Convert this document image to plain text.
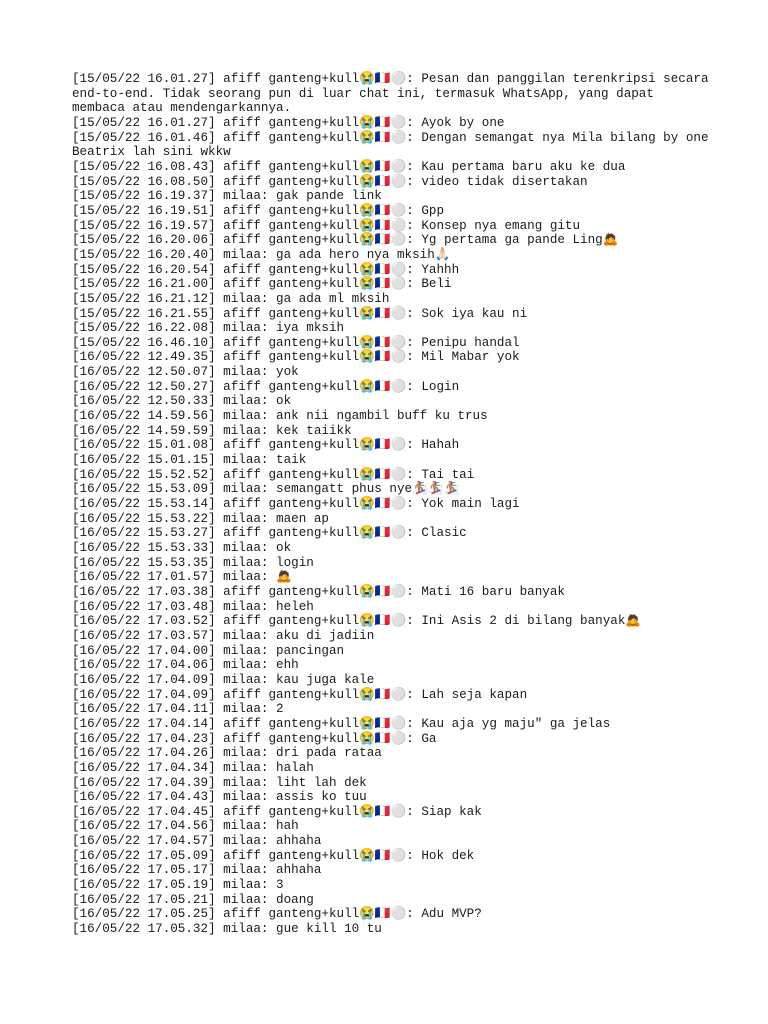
[15/05/22 16.01.27] afiff ganteng+kull😭🇫🇷⚪: Pesan dan panggilan terenkripsi secara end-to-end. Tidak seorang pun di luar chat ini, termasuk WhatsApp, yang dapat membaca atau mendengarkannya.

[15/05/22 16.01.27] afiff ganteng+kull😭🇫🇷⚪: Ayok by one

[15/05/22 16.01.46] afiff ganteng+kull😭🇫🇷⚪: Dengan semangat nya Mila bilang by one Beatrix lah sini wkkw

[15/05/22 16.08.43] afiff ganteng+kull😭🇫🇷⚪: Kau pertama baru aku ke dua

[15/05/22 16.08.50] afiff ganteng+kull😭🇫🇷⚪: video tidak disertakan

[15/05/22 16.19.37] milaa: gak pande link

[15/05/22 16.19.51] afiff ganteng+kull😭🇫🇷⚪: Gpp

[15/05/22 16.19.57] afiff ganteng+kull😭🇫🇷⚪: Konsep nya emang gitu

[15/05/22 16.20.06] afiff ganteng+kull😭🇫🇷⚪: Yg pertama ga pande Ling🙇

[15/05/22 16.20.40] milaa: ga ada hero nya mksih🙏🏻

[15/05/22 16.20.54] afiff ganteng+kull😭🇫🇷⚪: Yahhh

[15/05/22 16.21.00] afiff ganteng+kull😭🇫🇷⚪: Beli

[15/05/22 16.21.12] milaa: ga ada ml mksih

[15/05/22 16.21.55] afiff ganteng+kull😭🇫🇷⚪: Sok iya kau ni

[15/05/22 16.22.08] milaa: iya mksih

[15/05/22 16.46.10] afiff ganteng+kull😭🇫🇷⚪: Penipu handal

[16/05/22 12.49.35] afiff ganteng+kull😭🇫🇷⚪: Mil Mabar yok

[16/05/22 12.50.07] milaa: yok

[16/05/22 12.50.27] afiff ganteng+kull😭🇫🇷⚪: Login

[16/05/22 12.50.33] milaa: ok

[16/05/22 14.59.56] milaa: ank nii ngambil buff ku trus

[16/05/22 14.59.59] milaa: kek taiikk

[16/05/22 15.01.08] afiff ganteng+kull😭🇫🇷⚪: Hahah

[16/05/22 15.01.15] milaa: taik

[16/05/22 15.52.52] afiff ganteng+kull😭🇫🇷⚪: Tai tai

[16/05/22 15.53.09] milaa: semangatt phus nye🏂🏂🏂

[16/05/22 15.53.14] afiff ganteng+kull😭🇫🇷⚪: Yok main lagi

[16/05/22 15.53.22] milaa: maen ap

[16/05/22 15.53.27] afiff ganteng+kull😭🇫🇷⚪: Clasic

[16/05/22 15.53.33] milaa: ok

[16/05/22 15.53.35] milaa: login

[16/05/22 17.01.57] milaa: 🙇

[16/05/22 17.03.38] afiff ganteng+kull😭🇫🇷⚪: Mati 16 baru banyak

[16/05/22 17.03.48] milaa: heleh

[16/05/22 17.03.52] afiff ganteng+kull😭🇫🇷⚪: Ini Asis 2 di bilang banyak🙇

[16/05/22 17.03.57] milaa: aku di jadiin

[16/05/22 17.04.00] milaa: pancingan

[16/05/22 17.04.06] milaa: ehh

[16/05/22 17.04.09] milaa: kau juga kale

[16/05/22 17.04.09] afiff ganteng+kull😭🇫🇷⚪: Lah seja kapan

[16/05/22 17.04.11] milaa: 2

[16/05/22 17.04.14] afiff ganteng+kull😭🇫🇷⚪: Kau aja yg maju" ga jelas

[16/05/22 17.04.23] afiff ganteng+kull😭🇫🇷⚪: Ga

[16/05/22 17.04.26] milaa: dri pada rataa

[16/05/22 17.04.34] milaa: halah

[16/05/22 17.04.39] milaa: liht lah dek

[16/05/22 17.04.43] milaa: assis ko tuu

[16/05/22 17.04.45] afiff ganteng+kull😭🇫🇷⚪: Siap kak

[16/05/22 17.04.56] milaa: hah

[16/05/22 17.04.57] milaa: ahhaha

[16/05/22 17.05.09] afiff ganteng+kull😭🇫🇷⚪: Hok dek

[16/05/22 17.05.17] milaa: ahhaha

[16/05/22 17.05.19] milaa: 3

[16/05/22 17.05.21] milaa: doang

[16/05/22 17.05.25] afiff ganteng+kull😭🇫🇷⚪: Adu MVP?

[16/05/22 17.05.32] milaa: gue kill 10 tu
